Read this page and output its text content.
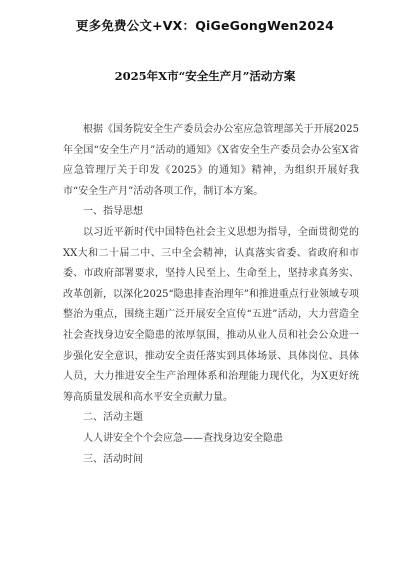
更多免费公文+VX：QiGeGongWen2024
2025年X市“安全生产月”活动方案

根据《国务院安全生产委员会办公室应急管理部关于开展2025年全国“安全生产月”活动的通知》《X省安全生产委员会办公室X省应急管理厅关于印发《2025》的通知》精神，为组织开展好我市“安全生产月”活动各项工作，制订本方案。

一、指导思想

以习近平新时代中国特色社会主义思想为指导，全面贯彻党的XX大和二十届二中、三中全会精神，认真落实省委、省政府和市委、市政府部署要求，坚持人民至上、生命至上，坚持求真务实、改革创新，以深化2025“隐患排查治理年”和推进重点行业领域专项整治为重点，围绕主题广泛开展安全宣传“五进”活动，大力营造全社会查找身边安全隐患的浓厚氛围，推动从业人员和社会公众进一步强化安全意识，推动安全责任落实到具体场景、具体岗位、具体人员，大力推进安全生产治理体系和治理能力现代化，为X更好统筹高质量发展和高水平安全贡献力量。

二、活动主题

人人讲安全个个会应急——查找身边安全隐患

三、活动时间
